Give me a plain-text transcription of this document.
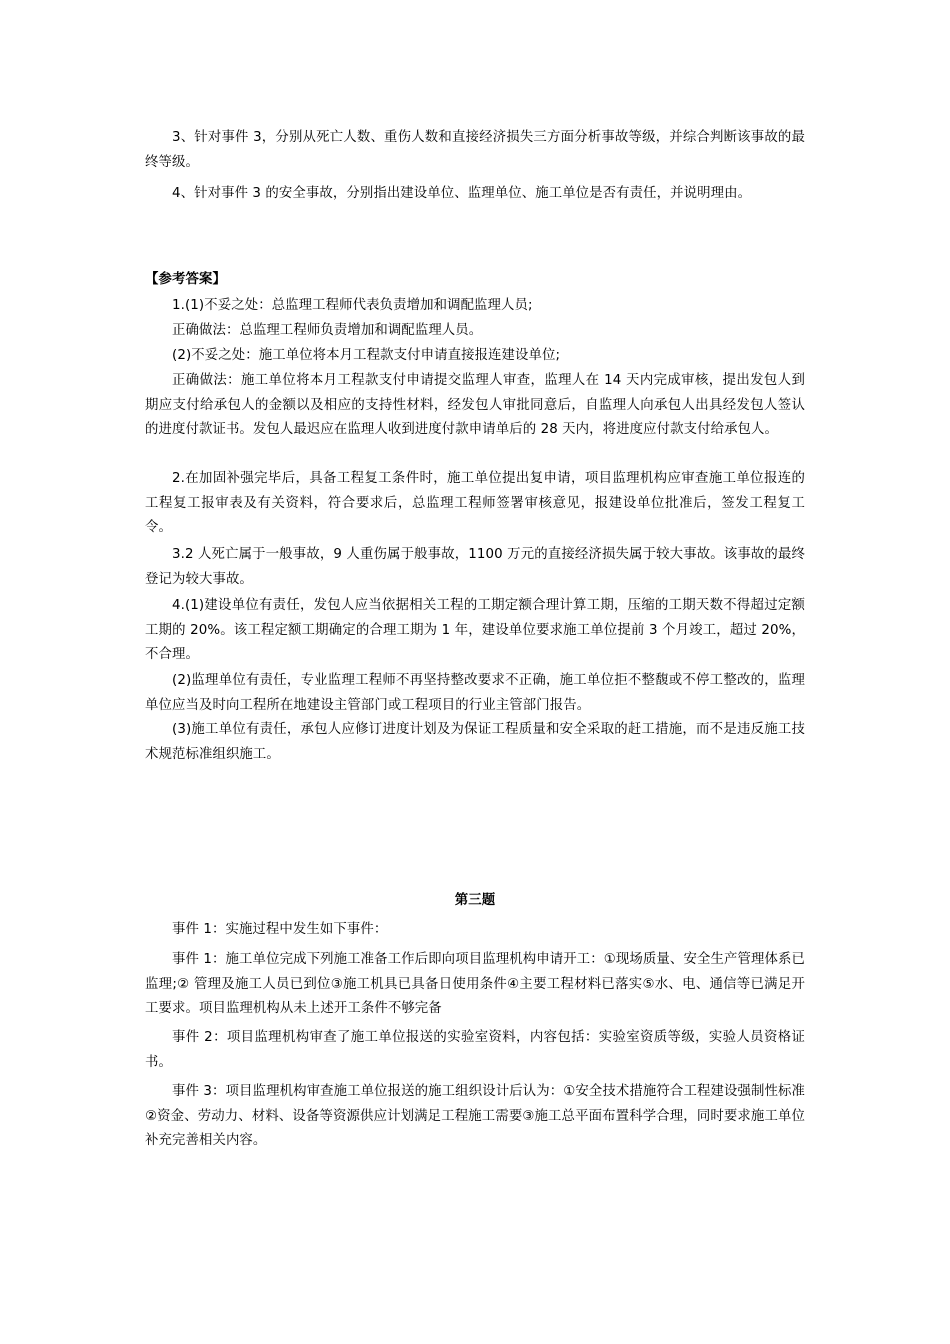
3、针对事件 3，分别从死亡人数、重伤人数和直接经济损失三方面分析事故等级，并综合判断该事故的最终等级。

4、针对事件 3 的安全事故，分别指出建设单位、监理单位、施工单位是否有责任，并说明理由。

【参考答案】

1.(1)不妥之处：总监理工程师代表负责增加和调配监理人员;

正确做法：总监理工程师负责增加和调配监理人员。

(2)不妥之处：施工单位将本月工程款支付申请直接报连建设单位;

正确做法：施工单位将本月工程款支付申请提交监理人审查，监理人在 14 天内完成审核，提出发包人到期应支付给承包人的金额以及相应的支持性材料，经发包人审批同意后，自监理人向承包人出具经发包人签认的进度付款证书。发包人最迟应在监理人收到进度付款申请单后的 28 天内，将进度应付款支付给承包人。

2.在加固补强完毕后，具备工程复工条件时，施工单位提出复申请，项目监理机构应审查施工单位报连的工程复工报审表及有关资料，符合要求后，总监理工程师签署审核意见，报建设单位批准后，签发工程复工令。

3.2 人死亡属于一般事故，9 人重伤属于般事故，1100 万元的直接经济损失属于较大事故。该事故的最终登记为较大事故。

4.(1)建设单位有责任，发包人应当依据相关工程的工期定额合理计算工期，压缩的工期天数不得超过定额工期的 20%。该工程定额工期确定的合理工期为 1 年，建设单位要求施工单位提前 3 个月竣工，超过 20%，不合理。

(2)监理单位有责任，专业监理工程师不再坚持整改要求不正确，施工单位拒不整馥或不停工整改的，监理单位应当及时向工程所在地建设主管部门或工程项目的行业主管部门报告。

(3)施工单位有责任，承包人应修订进度计划及为保证工程质量和安全采取的赶工措施，而不是违反施工技术规范标准组织施工。

第三题

事件 1：实施过程中发生如下事件：

事件 1：施工单位完成下列施工准备工作后即向项目监理机构申请开工：①现场质量、安全生产管理体系已监理;② 管理及施工人员已到位③施工机具已具备日使用条件④主要工程材料已落实⑤水、电、通信等已满足开工要求。项目监理机构从未上述开工条件不够完备

事件 2：项目监理机构审查了施工单位报送的实验室资料，内容包括：实验室资质等级，实验人员资格证书。

事件 3：项目监理机构审查施工单位报送的施工组织设计后认为：①安全技术措施符合工程建设强制性标准②资金、劳动力、材料、设备等资源供应计划满足工程施工需要③施工总平面布置科学合理，同时要求施工单位补充完善相关内容。
